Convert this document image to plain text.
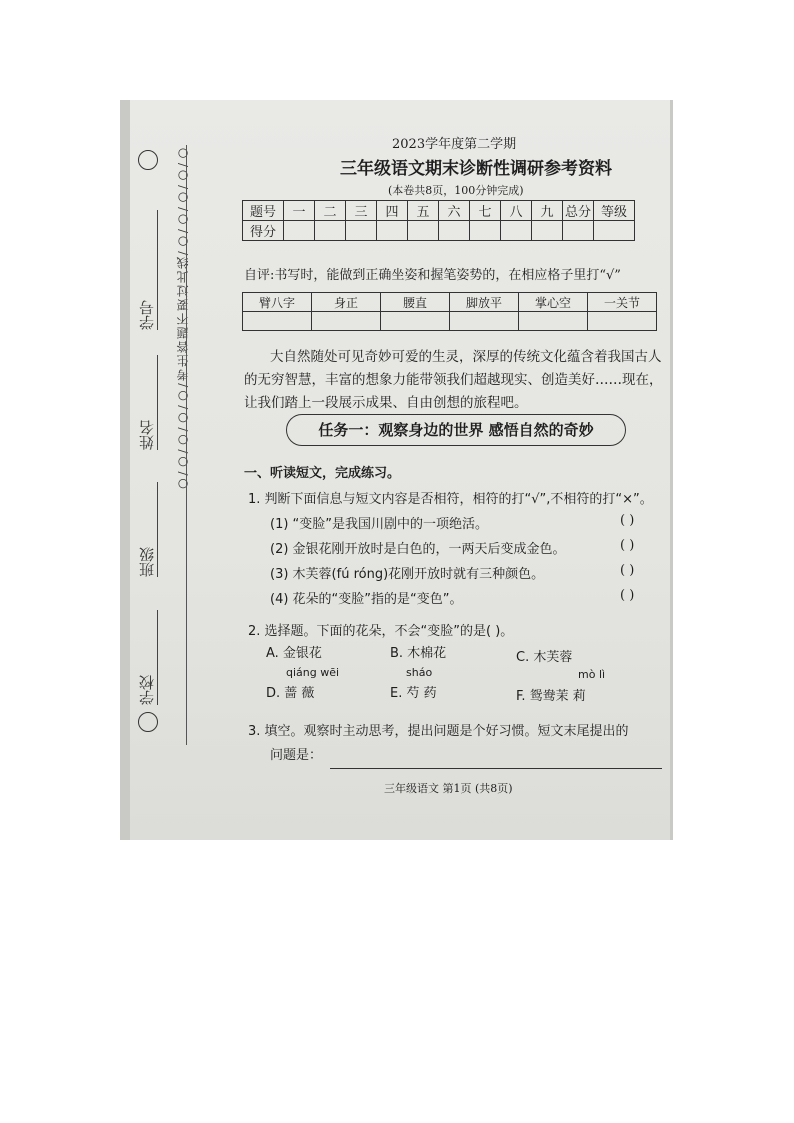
学校
班级
姓名
学号 ○/○/○/○/○/考生答题不要过此线/○/○/○/○/○
2023学年度第二学期
三年级语文期末诊断性调研参考资料
(本卷共8页，100分钟完成)
题号	一	二	三	四	五	六	七	八	九	总分	等级
得分											
自评:书写时，能做到正确坐姿和握笔姿势的，在相应格子里打“√”
臂八字	身正	腰直	脚放平	掌心空	一关节

大自然随处可见奇妙可爱的生灵，深厚的传统文化蕴含着我国古人的无穷智慧，丰富的想象力能带领我们超越现实、创造美好……现在，让我们踏上一段展示成果、自由创想的旅程吧。
任务一：观察身边的世界 感悟自然的奇妙
一、听读短文，完成练习。
1. 判断下面信息与短文内容是否相符，相符的打“√”,不相符的打“×”。
(1) “变脸”是我国川剧中的一项绝活。	( )
(2) 金银花刚开放时是白色的，一两天后变成金色。	( )
(3) 木芙蓉(fú róng)花刚开放时就有三种颜色。	( )
(4) 花朵的“变脸”指的是“变色”。	( )
2. 选择题。下面的花朵，不会“变脸”的是( )。
A. 金银花	B. 木棉花	C. 木芙蓉
qiáng wēi	sháo	mò lì
D. 蔷 薇	E. 芍 药	F. 鸳鸯茉 莉
3. 填空。观察时主动思考，提出问题是个好习惯。短文末尾提出的
问题是：
三年级语文 第1页 (共8页)
